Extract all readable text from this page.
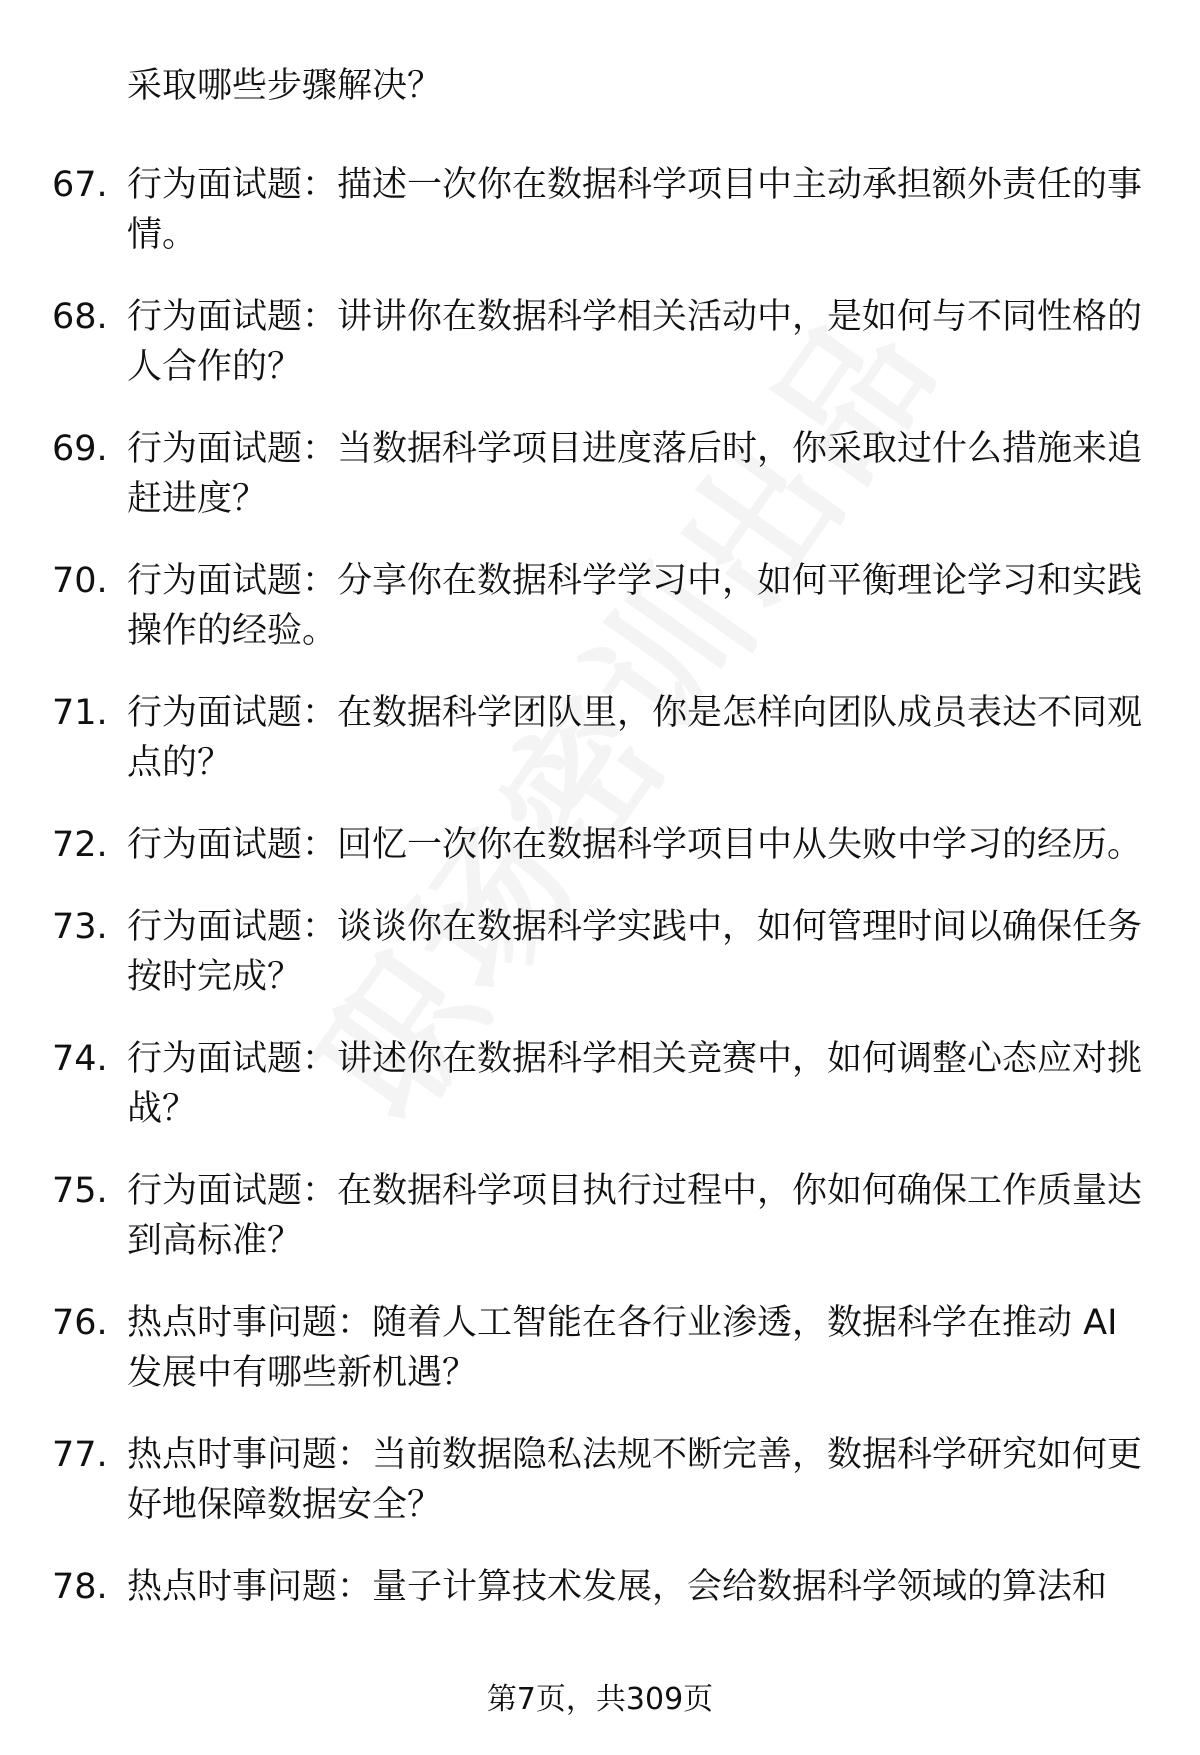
采取哪些步骤解决？
67. 行为面试题：描述一次你在数据科学项目中主动承担额外责任的事情。
68. 行为面试题：讲讲你在数据科学相关活动中，是如何与不同性格的人合作的？
69. 行为面试题：当数据科学项目进度落后时，你采取过什么措施来追赶进度？
70. 行为面试题：分享你在数据科学学习中，如何平衡理论学习和实践操作的经验。
71. 行为面试题：在数据科学团队里，你是怎样向团队成员表达不同观点的？
72. 行为面试题：回忆一次你在数据科学项目中从失败中学习的经历。
73. 行为面试题：谈谈你在数据科学实践中，如何管理时间以确保任务按时完成？
74. 行为面试题：讲述你在数据科学相关竞赛中，如何调整心态应对挑战？
75. 行为面试题：在数据科学项目执行过程中，你如何确保工作质量达到高标准？
76. 热点时事问题：随着人工智能在各行业渗透，数据科学在推动 AI 发展中有哪些新机遇？
77. 热点时事问题：当前数据隐私法规不断完善，数据科学研究如何更好地保障数据安全？
78. 热点时事问题：量子计算技术发展，会给数据科学领域的算法和
第7页，共309页
